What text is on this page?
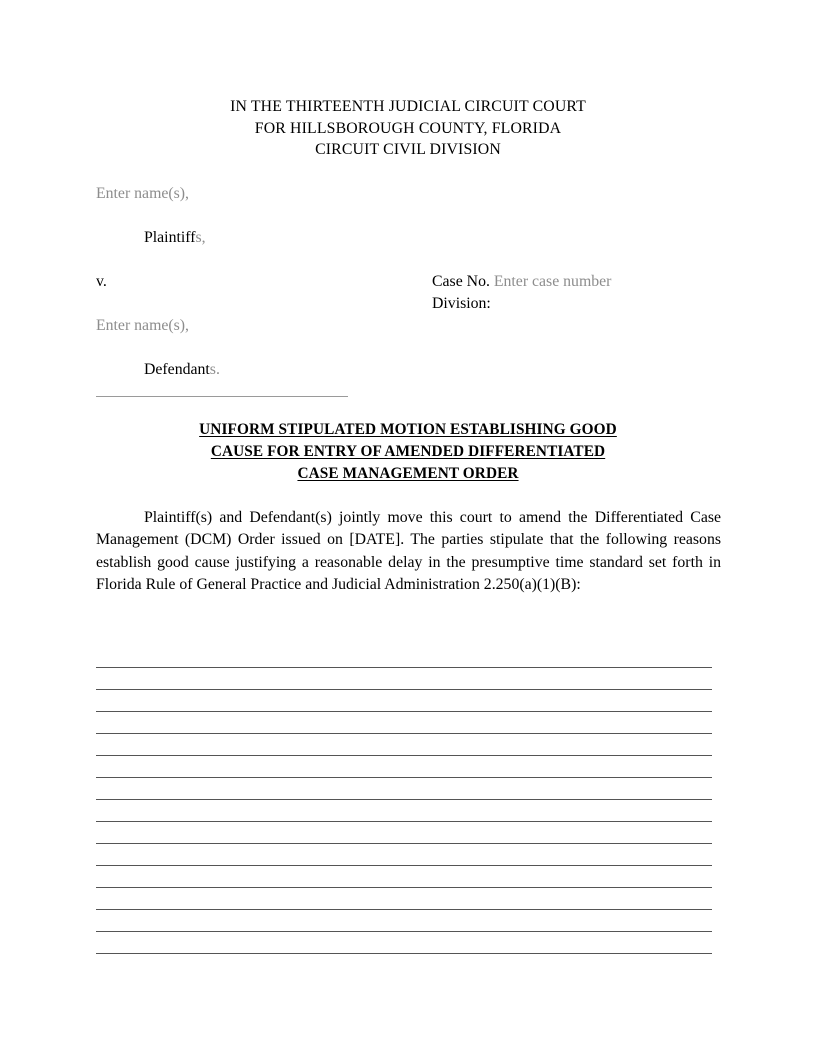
IN THE THIRTEENTH JUDICIAL CIRCUIT COURT
FOR HILLSBOROUGH COUNTY, FLORIDA
CIRCUIT CIVIL DIVISION
Enter name(s),
Plaintiffs,
v.
Enter name(s),
Defendants.
Case No. Enter case number
Division:
UNIFORM STIPULATED MOTION ESTABLISHING GOOD
CAUSE FOR ENTRY OF AMENDED DIFFERENTIATED
CASE MANAGEMENT ORDER
Plaintiff(s) and Defendant(s) jointly move this court to amend the Differentiated Case Management (DCM) Order issued on [DATE]. The parties stipulate that the following reasons establish good cause justifying a reasonable delay in the presumptive time standard set forth in Florida Rule of General Practice and Judicial Administration 2.250(a)(1)(B):
